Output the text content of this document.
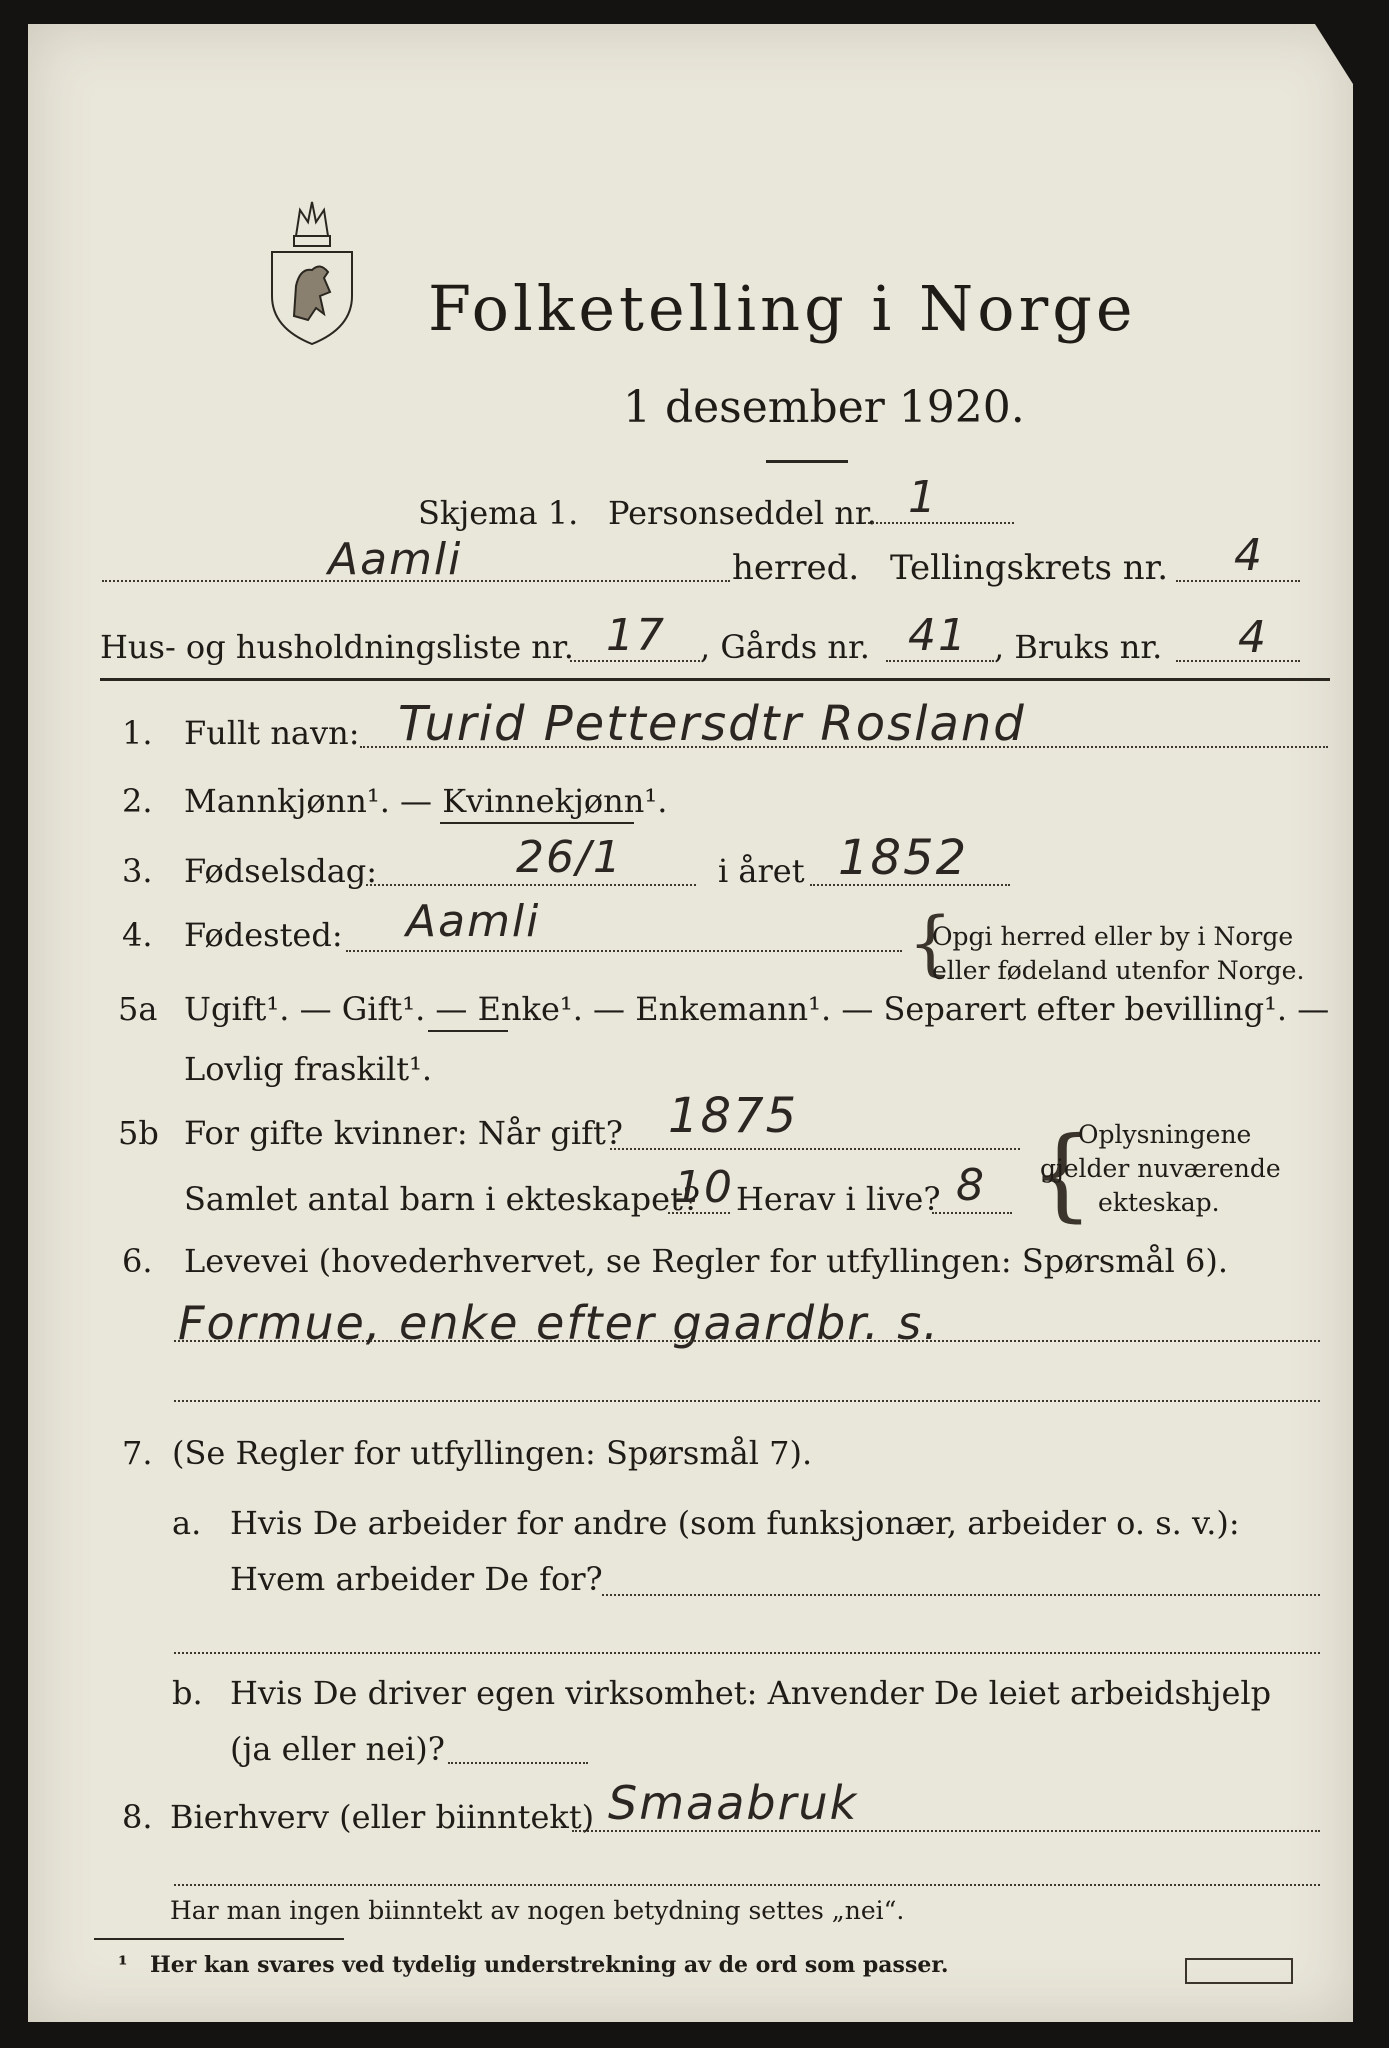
Folketelling i Norge
1 desember 1920.
Skjema 1. Personseddel nr. 1
Aamli	herred. Tellingskrets nr. 4
Hus- og husholdningsliste nr. 17 , Gårds nr. 41 , Bruks nr. 4
1. Fullt navn: Turid Pettersdtr Rosland
2. Mannkjønn¹. — Kvinnekjønn¹.
3. Fødselsdag:	26/1	i året 1852
4. Fødested: Aamli	{
Opgi herred eller by i Norge
eller fødeland utenfor Norge.
5a Ugift¹. — Gift¹. — Enke¹. — Enkemann¹. — Separert efter bevilling¹. —
Lovlig fraskilt¹.
5b For gifte kvinner: Når gift? 1875
Samlet antal barn i ekteskapet?
10 Herav i live? 8 {
Oplysningene
gjelder nuværende
ekteskap.
6. Levevei (hovederhvervet, se Regler for utfyllingen: Spørsmål 6).
Formue, enke efter gaardbr. s.
7. (Se Regler for utfyllingen: Spørsmål 7).
a. Hvis De arbeider for andre (som funksjonær, arbeider o. s. v.):
Hvem arbeider De for?
b. Hvis De driver egen virksomhet: Anvender De leiet arbeidshjelp
(ja eller nei)?
8. Bierhverv (eller biinntekt) Smaabruk
Har man ingen biinntekt av nogen betydning settes „nei“.
¹ Her kan svares ved tydelig understrekning av de ord som passer.
